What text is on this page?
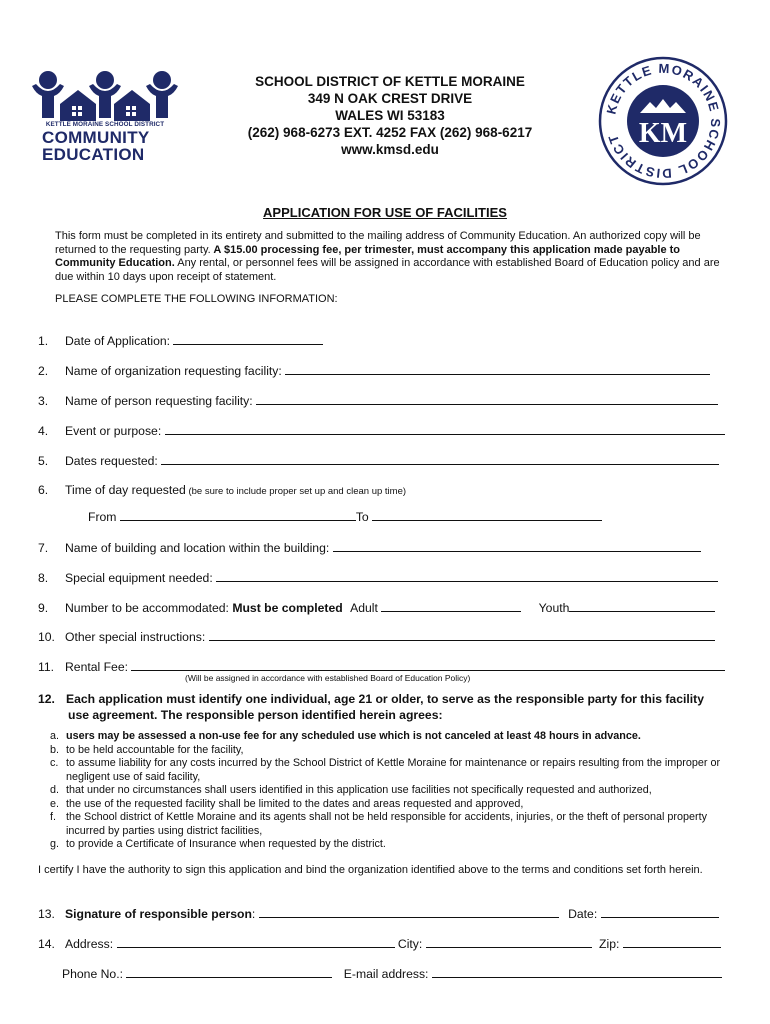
KETTLE MORAINE SCHOOL DISTRICT
COMMUNITY
EDUCATION
KM
KETTLE MORAINE SCHOOL DISTRICT
SCHOOL DISTRICT OF KETTLE MORAINE
349 N OAK CREST DRIVE
WALES WI 53183
(262) 968-6273 EXT. 4252 FAX (262) 968-6217
www.kmsd.edu
APPLICATION FOR USE OF FACILITIES
This form must be completed in its entirety and submitted to the mailing address of Community Education. An authorized copy will be returned to the requesting party. A $15.00 processing fee, per trimester, must accompany this application made payable to Community Education. Any rental, or personnel fees will be assigned in accordance with established Board of Education policy and are due within 10 days upon receipt of statement.
PLEASE COMPLETE THE FOLLOWING INFORMATION:
1. Date of Application:
2. Name of organization requesting facility:
3. Name of person requesting facility:
4. Event or purpose:
5. Dates requested:
6. Time of day requested (be sure to include proper set up and clean up time)
From	To
7. Name of building and location within the building:
8. Special equipment needed:
9. Number to be accommodated: Must be completed Adult	Youth
10. Other special instructions:
11. Rental Fee:
(Will be assigned in accordance with established Board of Education Policy)
12. Each application must identify one individual, age 21 or older, to serve as the responsible party for this facility
use agreement. The responsible person identified herein agrees:
a. users may be assessed a non-use fee for any scheduled use which is not canceled at least 48 hours in advance.
b. to be held accountable for the facility,
c. to assume liability for any costs incurred by the School District of Kettle Moraine for maintenance or repairs resulting from the improper or negligent use of said facility,
d. that under no circumstances shall users identified in this application use facilities not specifically requested and authorized,
e. the use of the requested facility shall be limited to the dates and areas requested and approved,
f. the School district of Kettle Moraine and its agents shall not be held responsible for accidents, injuries, or the theft of personal property incurred by parties using district facilities,
g. to provide a Certificate of Insurance when requested by the district.
I certify I have the authority to sign this application and bind the organization identified above to the terms and conditions set forth herein.
13. Signature of responsible person:	Date:
14. Address:	City:	Zip:
Phone No.:	E-mail address:
